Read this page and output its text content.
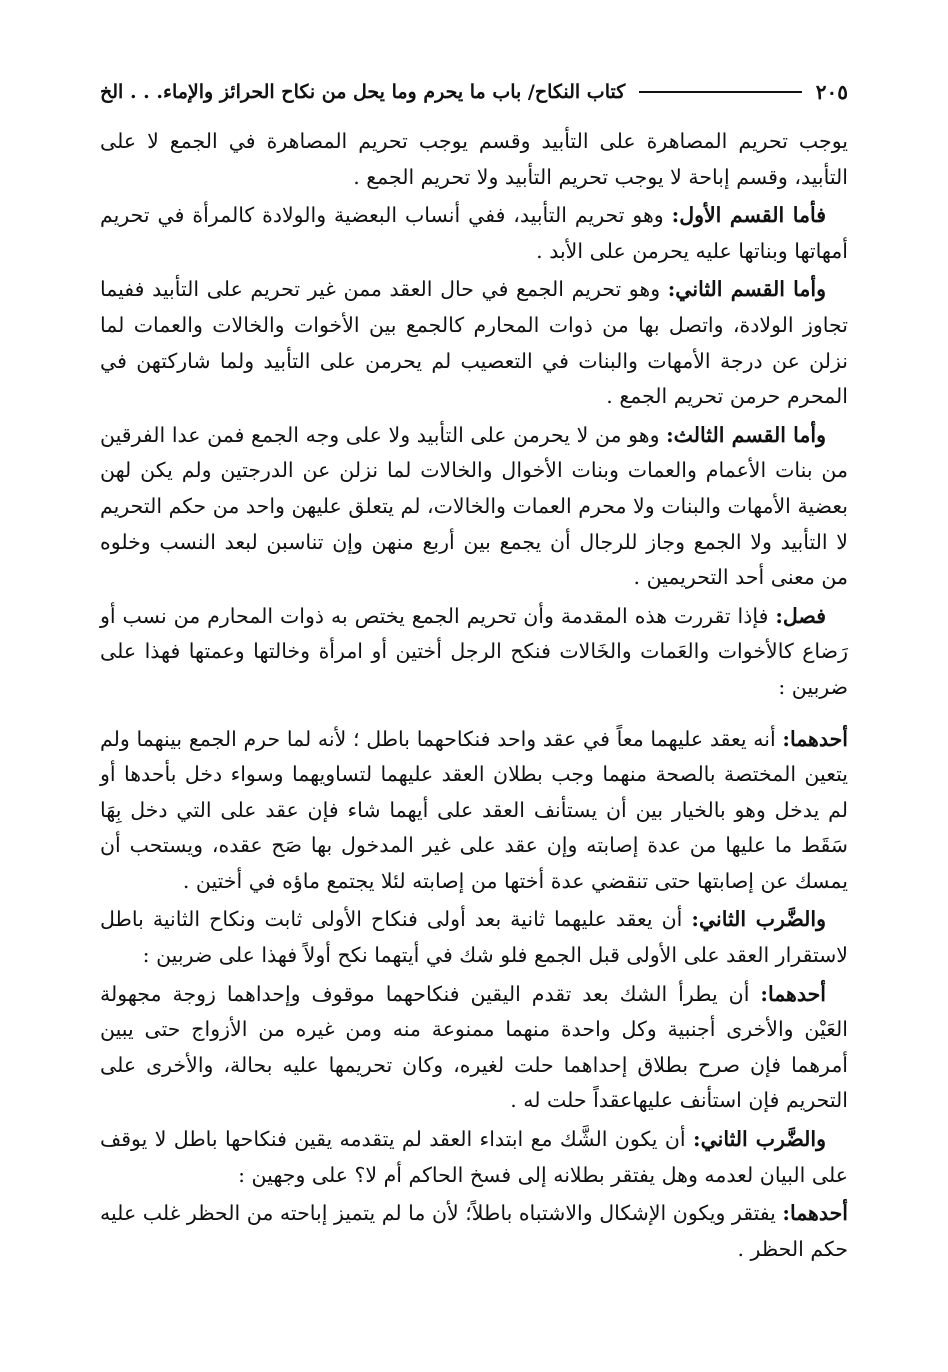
كتاب النكاح/ باب ما يحرم وما يحل من نكاح الحرائز والإماء. . . الخ	٢٠٥

يوجب تحريم المصاهرة على التأبيد وقسم يوجب تحريم المصاهرة في الجمع لا على التأبيد، وقسم إباحة لا يوجب تحريم التأبيد ولا تحريم الجمع .

فأما القسم الأول: وهو تحريم التأبيد، ففي أنساب البعضية والولادة كالمرأة في تحريم أمهاتها وبناتها عليه يحرمن على الأبد .

وأما القسم الثاني: وهو تحريم الجمع في حال العقد ممن غير تحريم على التأبيد ففيما تجاوز الولادة، واتصل بها من ذوات المحارم كالجمع بين الأخوات والخالات والعمات لما نزلن عن درجة الأمهات والبنات في التعصيب لم يحرمن على التأبيد ولما شاركتهن في المحرم حرمن تحريم الجمع .

وأما القسم الثالث: وهو من لا يحرمن على التأبيد ولا على وجه الجمع فمن عدا الفرقين من بنات الأعمام والعمات وبنات الأخوال والخالات لما نزلن عن الدرجتين ولم يكن لهن بعضية الأمهات والبنات ولا محرم العمات والخالات، لم يتعلق عليهن واحد من حكم التحريم لا التأبيد ولا الجمع وجاز للرجال أن يجمع بين أربع منهن وإن تناسبن لبعد النسب وخلوه من معنى أحد التحريمين .

فصل: فإذا تقررت هذه المقدمة وأن تحريم الجمع يختص به ذوات المحارم من نسب أو رَضاع كالأخوات والعَمات والخَالات فنكح الرجل أختين أو امرأة وخالتها وعمتها فهذا على ضربين :

أحدهما: أنه يعقد عليهما معاً في عقد واحد فنكاحهما باطل ؛ لأنه لما حرم الجمع بينهما ولم يتعين المختصة بالصحة منهما وجب بطلان العقد عليهما لتساويهما وسواء دخل بأحدها أو لم يدخل وهو بالخيار بين أن يستأنف العقد على أيهما شاء فإن عقد على التي دخل بِهَا سَقَط ما عليها من عدة إصابته وإن عقد على غير المدخول بها صَح عقده، ويستحب أن يمسك عن إصابتها حتى تنقضي عدة أختها من إصابته لئلا يجتمع ماؤه في أختين .

والضَّرب الثاني: أن يعقد عليهما ثانية بعد أولى فنكاح الأولى ثابت ونكاح الثانية باطل لاستقرار العقد على الأولى قبل الجمع فلو شك في أيتهما نكح أولاً فهذا على ضربين :

أحدهما: أن يطرأ الشك بعد تقدم اليقين فنكاحهما موقوف وإحداهما زوجة مجهولة العَيْن والأخرى أجنبية وكل واحدة منهما ممنوعة منه ومن غيره من الأزواج حتى يبين أمرهما فإن صرح بطلاق إحداهما حلت لغيره، وكان تحريمها عليه بحالة، والأخرى على التحريم فإن استأنف عليهاعقداً حلت له .

والضَّرب الثاني: أن يكون الشَّك مع ابتداء العقد لم يتقدمه يقين فنكاحها باطل لا يوقف على البيان لعدمه وهل يفتقر بطلانه إلى فسخ الحاكم أم لا؟ على وجهين :

أحدهما: يفتقر ويكون الإشكال والاشتباه باطلاً؛ لأن ما لم يتميز إباحته من الحظر غلب عليه حكم الحظر .
